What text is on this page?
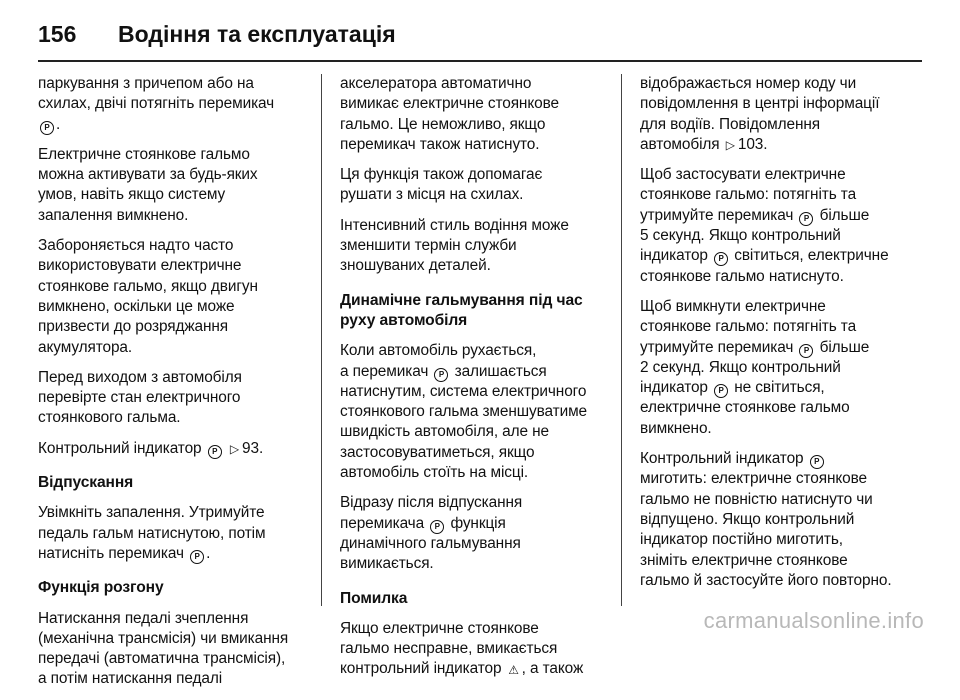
156	Водіння та експлуатація

паркування з причепом або на
схилах, двічі потягніть перемикач
P .

Електричне стоянкове гальмо
можна активувати за будь-яких
умов, навіть якщо систему
запалення вимкнено.

Забороняється надто часто
використовувати електричне
стоянкове гальмо, якщо двигун
вимкнено, оскільки це може
призвести до розряджання
акумулятора.

Перед виходом з автомобіля
перевірте стан електричного
стоянкового гальма.

Контрольний індикатор P ▷ 93.

Відпускання

Увімкніть запалення. Утримуйте
педаль гальм натиснутою, потім
натисніть перемикач P .

Функція розгону

Натискання педалі зчеплення
(механічна трансмісія) чи вмикання
передачі (автоматична трансмісія),
а потім натискання педалі

акселератора автоматично
вимикає електричне стоянкове
гальмо. Це неможливо, якщо
перемикач також натиснуто.

Ця функція також допомагає
рушати з місця на схилах.

Інтенсивний стиль водіння може
зменшити термін служби
зношуваних деталей.

Динамічне гальмування під час
руху автомобіля

Коли автомобіль рухається,
а перемикач P залишається
натиснутим, система електричного
стоянкового гальма зменшуватиме
швидкість автомобіля, але не
застосовуватиметься, якщо
автомобіль стоїть на місці.

Відразу після відпускання
перемикача P функція
динамічного гальмування
вимикається.

Помилка

Якщо електричне стоянкове
гальмо несправне, вмикається
контрольний індикатор ⚠ , а також

відображається номер коду чи
повідомлення в центрі інформації
для водіїв. Повідомлення
автомобіля ▷ 103.

Щоб застосувати електричне
стоянкове гальмо: потягніть та
утримуйте перемикач P більше
5 секунд. Якщо контрольний
індикатор P світиться, електричне
стоянкове гальмо натиснуто.

Щоб вимкнути електричне
стоянкове гальмо: потягніть та
утримуйте перемикач P більше
2 секунд. Якщо контрольний
індикатор P не світиться,
електричне стоянкове гальмо
вимкнено.

Контрольний індикатор P
миготить: електричне стоянкове
гальмо не повністю натиснуто чи
відпущено. Якщо контрольний
індикатор постійно миготить,
зніміть електричне стоянкове
гальмо й застосуйте його повторно.

carmanualsonline.info
